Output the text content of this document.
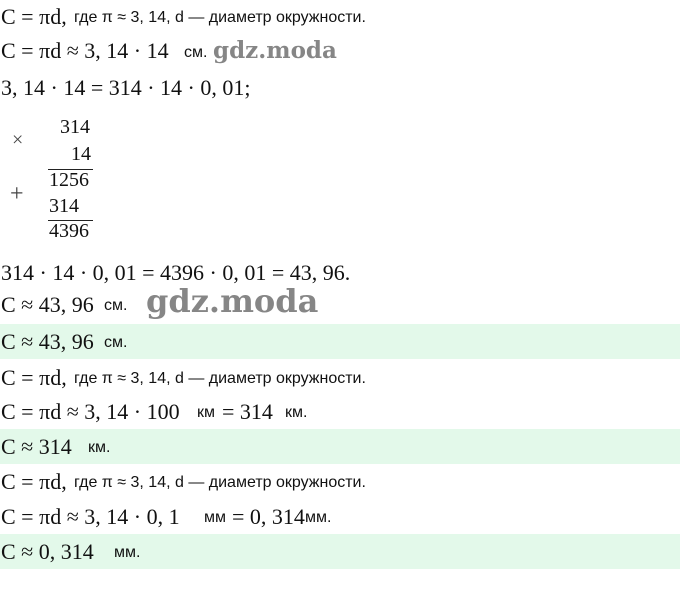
C = πd, где π ≈ 3, 14, d — диаметр окружности.
C = πd ≈ 3, 14 · 14 см. gdz.moda
3, 14 · 14 = 314 · 14 · 0, 01;
×
314
14
1256
+ 314
4396
314 · 14 · 0, 01 = 4396 · 0, 01 = 43, 96.
C ≈ 43, 96 см. gdz.moda
C ≈ 43, 96 см.
C = πd, где π ≈ 3, 14, d — диаметр окружности.
C = πd ≈ 3, 14 · 100 км = 314 км.
C ≈ 314 км.
C = πd, где π ≈ 3, 14, d — диаметр окружности.
C = πd ≈ 3, 14 · 0, 1 мм = 0, 314 мм.
C ≈ 0, 314 мм.
